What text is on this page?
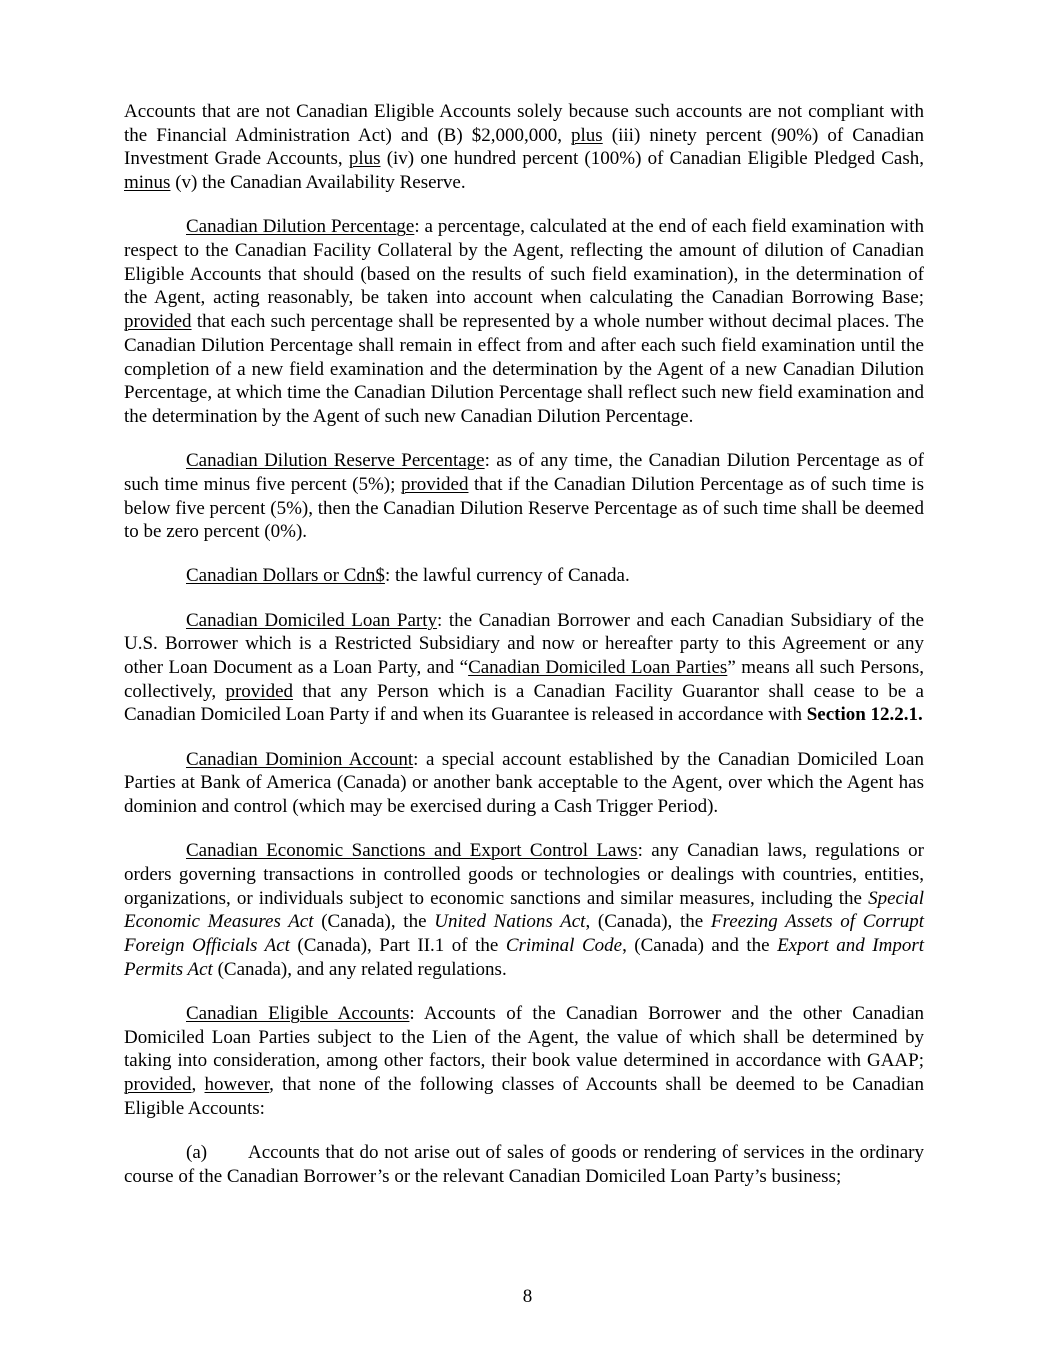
Accounts that are not Canadian Eligible Accounts solely because such accounts are not compliant with the Financial Administration Act) and (B) $2,000,000, plus (iii) ninety percent (90%) of Canadian Investment Grade Accounts, plus (iv) one hundred percent (100%) of Canadian Eligible Pledged Cash, minus (v) the Canadian Availability Reserve.

Canadian Dilution Percentage: a percentage, calculated at the end of each field examination with respect to the Canadian Facility Collateral by the Agent, reflecting the amount of dilution of Canadian Eligible Accounts that should (based on the results of such field examination), in the determination of the Agent, acting reasonably, be taken into account when calculating the Canadian Borrowing Base; provided that each such percentage shall be represented by a whole number without decimal places. The Canadian Dilution Percentage shall remain in effect from and after each such field examination until the completion of a new field examination and the determination by the Agent of a new Canadian Dilution Percentage, at which time the Canadian Dilution Percentage shall reflect such new field examination and the determination by the Agent of such new Canadian Dilution Percentage.

Canadian Dilution Reserve Percentage: as of any time, the Canadian Dilution Percentage as of such time minus five percent (5%); provided that if the Canadian Dilution Percentage as of such time is below five percent (5%), then the Canadian Dilution Reserve Percentage as of such time shall be deemed to be zero percent (0%).

Canadian Dollars or Cdn$: the lawful currency of Canada.

Canadian Domiciled Loan Party: the Canadian Borrower and each Canadian Subsidiary of the U.S. Borrower which is a Restricted Subsidiary and now or hereafter party to this Agreement or any other Loan Document as a Loan Party, and “Canadian Domiciled Loan Parties” means all such Persons, collectively, provided that any Person which is a Canadian Facility Guarantor shall cease to be a Canadian Domiciled Loan Party if and when its Guarantee is released in accordance with Section 12.2.1.

Canadian Dominion Account: a special account established by the Canadian Domiciled Loan Parties at Bank of America (Canada) or another bank acceptable to the Agent, over which the Agent has dominion and control (which may be exercised during a Cash Trigger Period).

Canadian Economic Sanctions and Export Control Laws: any Canadian laws, regulations or orders governing transactions in controlled goods or technologies or dealings with countries, entities, organizations, or individuals subject to economic sanctions and similar measures, including the Special Economic Measures Act (Canada), the United Nations Act, (Canada), the Freezing Assets of Corrupt Foreign Officials Act (Canada), Part II.1 of the Criminal Code, (Canada) and the Export and Import Permits Act (Canada), and any related regulations.

Canadian Eligible Accounts: Accounts of the Canadian Borrower and the other Canadian Domiciled Loan Parties subject to the Lien of the Agent, the value of which shall be determined by taking into consideration, among other factors, their book value determined in accordance with GAAP; provided, however, that none of the following classes of Accounts shall be deemed to be Canadian Eligible Accounts:

(a) Accounts that do not arise out of sales of goods or rendering of services in the ordinary course of the Canadian Borrower’s or the relevant Canadian Domiciled Loan Party’s business;

8
